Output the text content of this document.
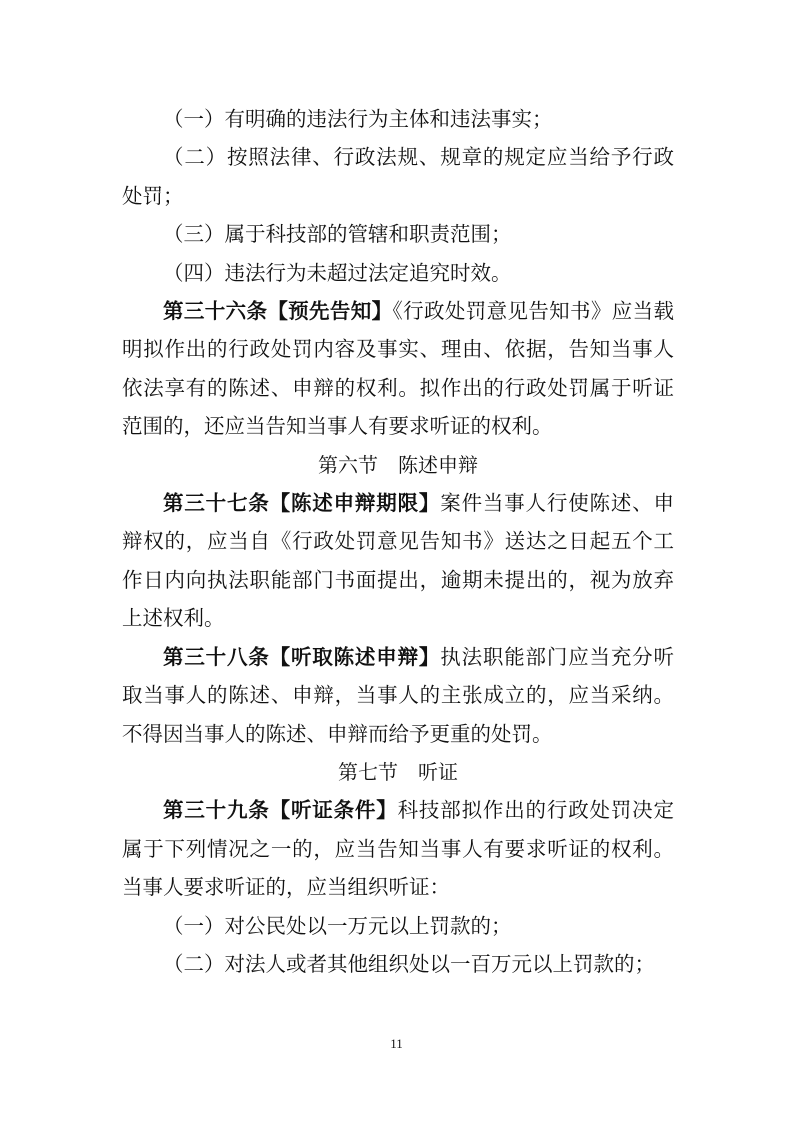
（一）有明确的违法行为主体和违法事实；

（二）按照法律、行政法规、规章的规定应当给予行政处罚；

（三）属于科技部的管辖和职责范围；

（四）违法行为未超过法定追究时效。

第三十六条【预先告知】《行政处罚意见告知书》应当载明拟作出的行政处罚内容及事实、理由、依据，告知当事人依法享有的陈述、申辩的权利。拟作出的行政处罚属于听证范围的，还应当告知当事人有要求听证的权利。

第六节 陈述申辩

第三十七条【陈述申辩期限】案件当事人行使陈述、申辩权的，应当自《行政处罚意见告知书》送达之日起五个工作日内向执法职能部门书面提出，逾期未提出的，视为放弃上述权利。

第三十八条【听取陈述申辩】执法职能部门应当充分听取当事人的陈述、申辩，当事人的主张成立的，应当采纳。不得因当事人的陈述、申辩而给予更重的处罚。

第七节 听证

第三十九条【听证条件】科技部拟作出的行政处罚决定属于下列情况之一的，应当告知当事人有要求听证的权利。当事人要求听证的，应当组织听证：

（一）对公民处以一万元以上罚款的；

（二）对法人或者其他组织处以一百万元以上罚款的；

11
